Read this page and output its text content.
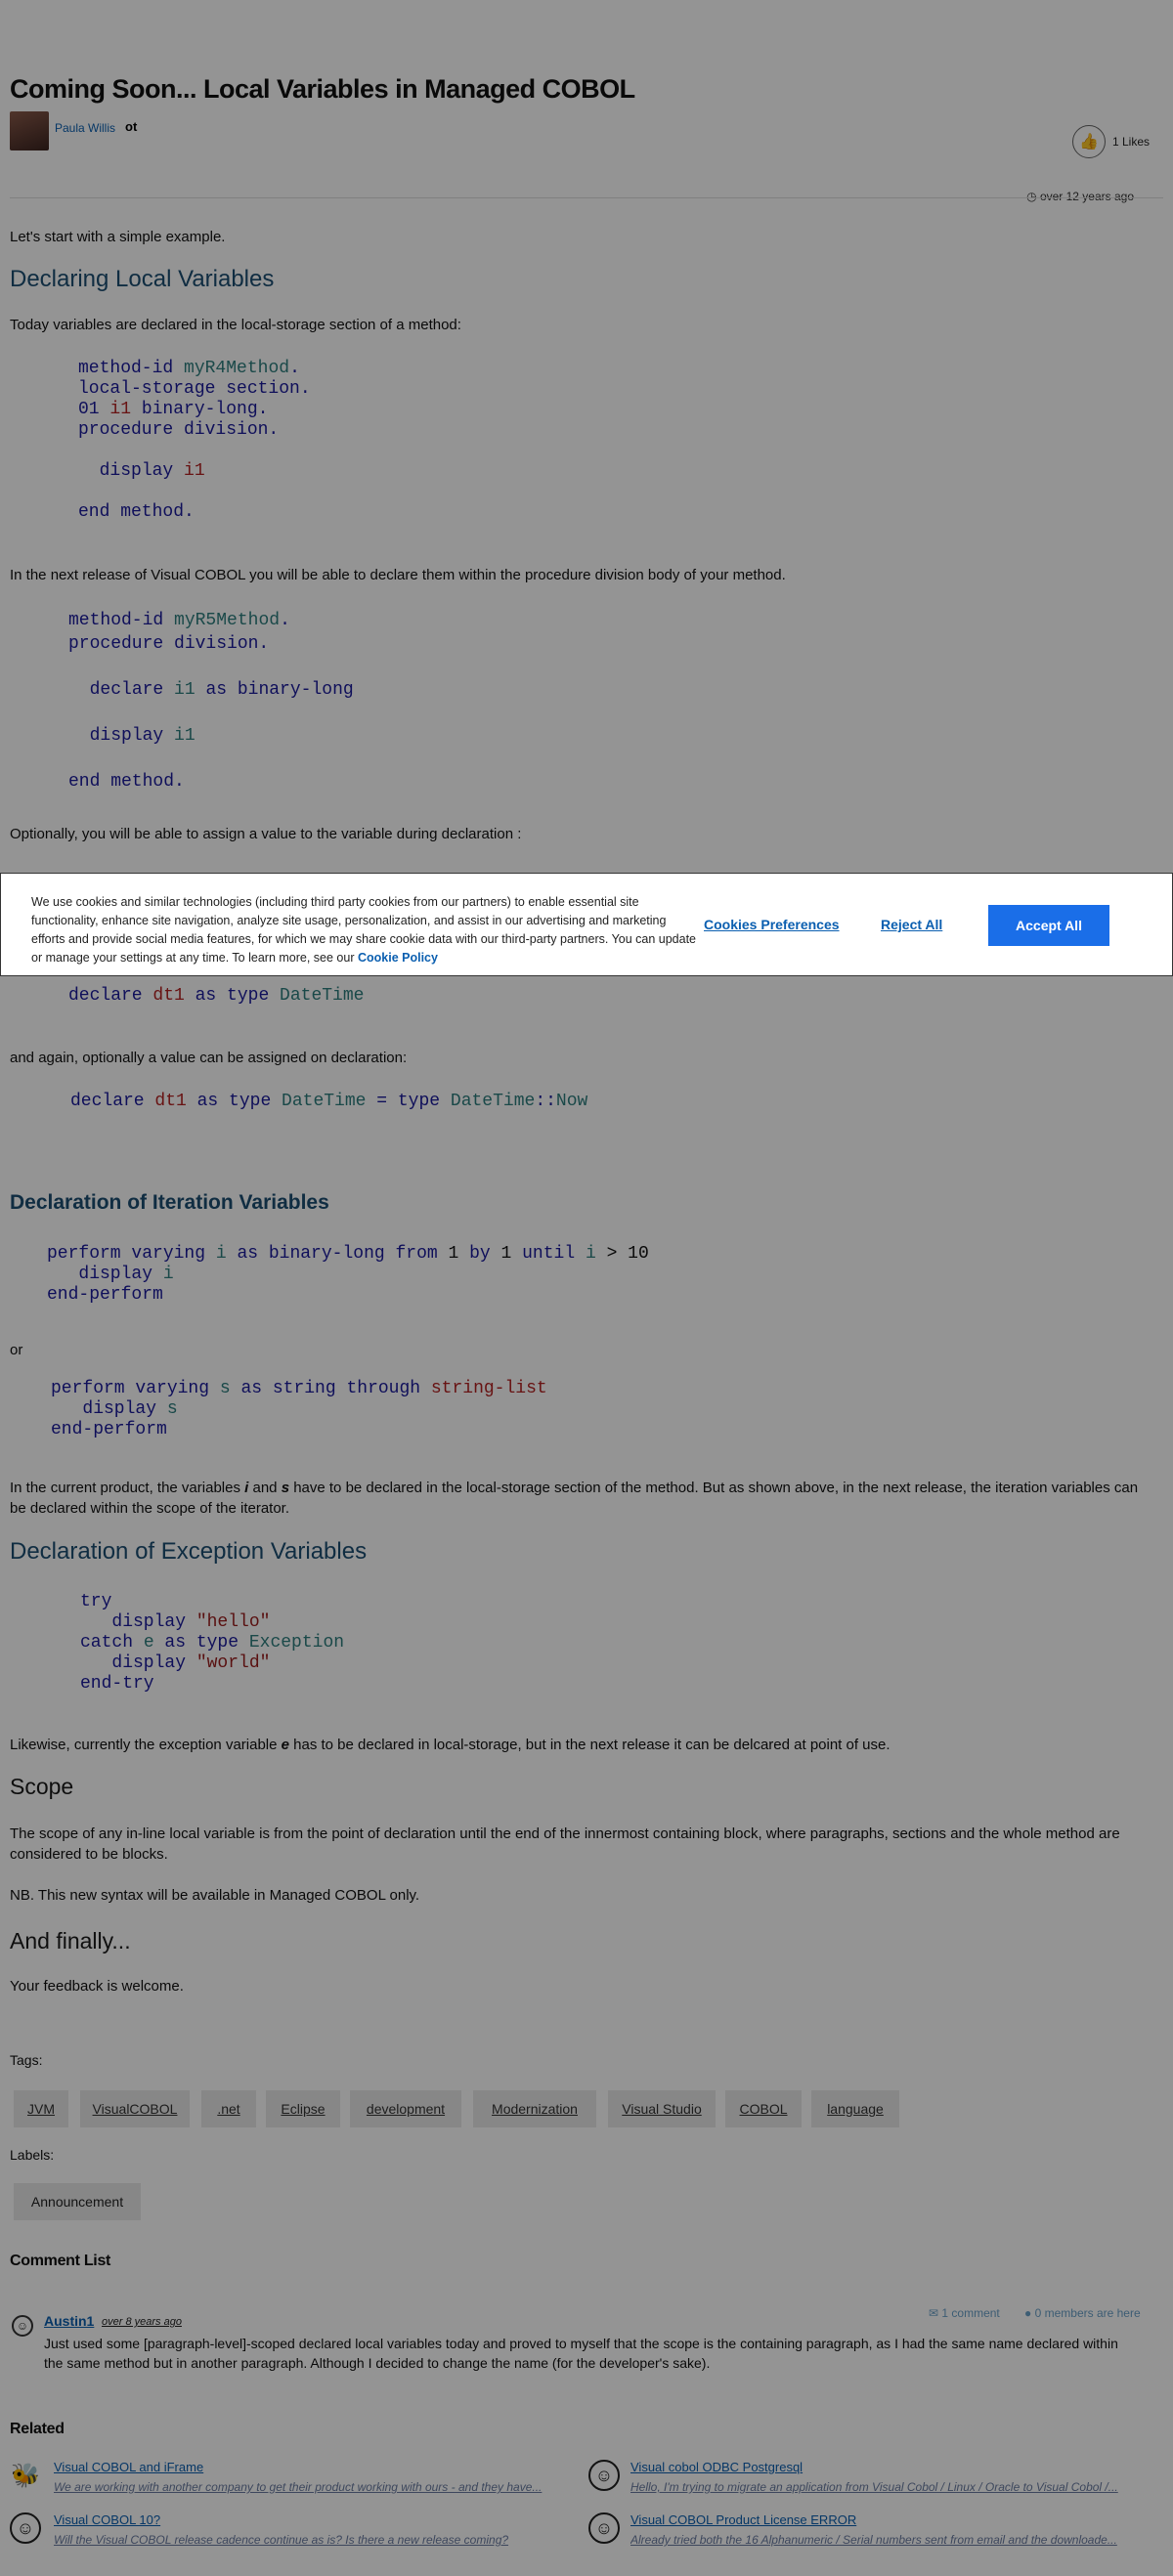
Coming Soon... Local Variables in Managed COBOL
Paula Willis ot
👍 1 Likes
◷ over 12 years ago
Let's start with a simple example.
Declaring Local Variables
Today variables are declared in the local-storage section of a method:
method-id myR4Method.
local-storage section.
01 i1 binary-long.
procedure division.

display i1

end method.
In the next release of Visual COBOL you will be able to declare them within the procedure division body of your method.
method-id myR5Method.
procedure division.

declare i1 as binary-long

display i1

end method.
Optionally, you will be able to assign a value to the variable during declaration :
declare dt1 as type DateTime
and again, optionally a value can be assigned on declaration:
declare dt1 as type DateTime = type DateTime::Now
Declaration of Iteration Variables
perform varying i as binary-long from 1 by 1 until i > 10
display i
end-perform
or
perform varying s as string through string-list
display s
end-perform
In the current product, the variables i and s have to be declared in the local-storage section of the method. But as shown above, in the next release, the iteration variables can be declared within the scope of the iterator.
Declaration of Exception Variables
try
display "hello"
catch e as type Exception
display "world"
end-try
Likewise, currently the exception variable e has to be declared in local-storage, but in the next release it can be delcared at point of use.
Scope
The scope of any in-line local variable is from the point of declaration until the end of the innermost containing block, where paragraphs, sections and the whole method are considered to be blocks.
NB. This new syntax will be available in Managed COBOL only.
And finally...
Your feedback is welcome.
Tags:
JVM	VisualCOBOL	.net	Eclipse	development	Modernization	Visual Studio	COBOL	language
Labels:
Announcement
Comment List
✉ 1 comment ● 0 members are here
☺	Austin1 over 8 years ago
Just used some [paragraph-level]-scoped declared local variables today and proved to myself that the scope is the containing paragraph, as I had the same name declared within the same method but in another paragraph. Although I decided to change the name (for the developer's sake).
Related
🐝 Visual COBOL and iFrame
We are working with another company to get their product working with ours - and they have...
☺	Visual cobol ODBC Postgresql
Hello, I'm trying to migrate an application from Visual Cobol / Linux / Oracle to Visual Cobol /...
☺	Visual COBOL 10?
Will the Visual COBOL release cadence continue as is? Is there a new release coming?
☺	Visual COBOL Product License ERROR
Already tried both the 16 Alphanumeric / Serial numbers sent from email and the downloade...
We use cookies and similar technologies (including third party cookies from our partners) to enable essential site functionality, enhance site navigation, analyze site usage, personalization, and assist in our advertising and marketing efforts and provide social media features, for which we may share cookie data with our third-party partners. You can update or manage your settings at any time. To learn more, see our Cookie Policy
Cookies Preferences	Reject All	Accept All
